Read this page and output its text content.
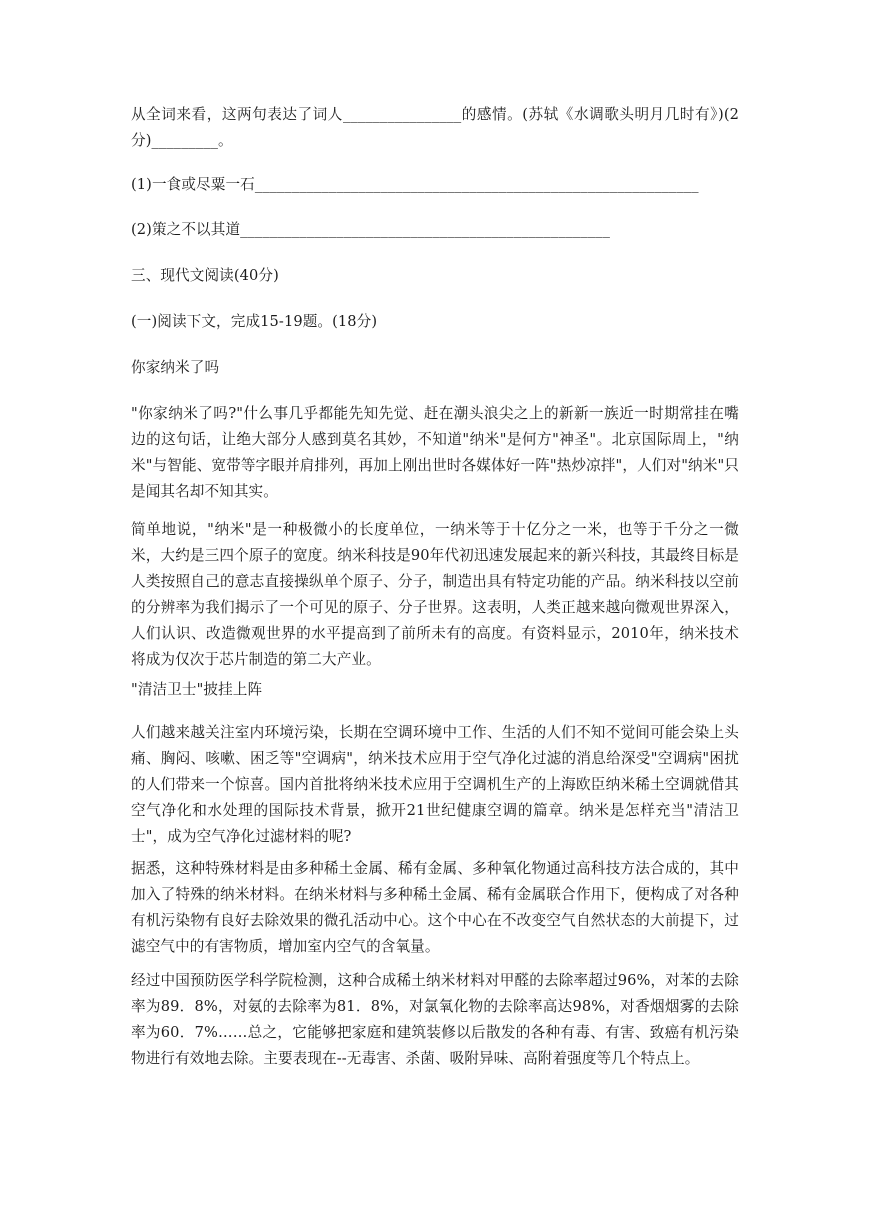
从全词来看，这两句表达了词人________________的感情。(苏轼《水调歌头明月几时有》)(2分)_________。

(1)一食或尽粟一石____________________________________________________________

(2)策之不以其道__________________________________________________

三、现代文阅读(40分)

(一)阅读下文，完成15-19题。(18分)

你家纳米了吗

"你家纳米了吗?"什么事几乎都能先知先觉、赶在潮头浪尖之上的新新一族近一时期常挂在嘴边的这句话，让绝大部分人感到莫名其妙，不知道"纳米"是何方"神圣"。北京国际周上，"纳米"与智能、宽带等字眼并肩排列，再加上刚出世时各媒体好一阵"热炒凉拌"，人们对"纳米"只是闻其名却不知其实。

简单地说，"纳米"是一种极微小的长度单位，一纳米等于十亿分之一米，也等于千分之一微米，大约是三四个原子的宽度。纳米科技是90年代初迅速发展起来的新兴科技，其最终目标是人类按照自己的意志直接操纵单个原子、分子，制造出具有特定功能的产品。纳米科技以空前的分辨率为我们揭示了一个可见的原子、分子世界。这表明，人类正越来越向微观世界深入，人们认识、改造微观世界的水平提高到了前所未有的高度。有资料显示，2010年，纳米技术将成为仅次于芯片制造的第二大产业。

"清洁卫士"披挂上阵

人们越来越关注室内环境污染，长期在空调环境中工作、生活的人们不知不觉间可能会染上头痛、胸闷、咳嗽、困乏等"空调病"，纳米技术应用于空气净化过滤的消息给深受"空调病"困扰的人们带来一个惊喜。国内首批将纳米技术应用于空调机生产的上海欧臣纳米稀土空调就借其空气净化和水处理的国际技术背景，掀开21世纪健康空调的篇章。纳米是怎样充当"清洁卫士"，成为空气净化过滤材料的呢?

据悉，这种特殊材料是由多种稀土金属、稀有金属、多种氧化物通过高科技方法合成的，其中加入了特殊的纳米材料。在纳米材料与多种稀土金属、稀有金属联合作用下，便构成了对各种有机污染物有良好去除效果的微孔活动中心。这个中心在不改变空气自然状态的大前提下，过滤空气中的有害物质，增加室内空气的含氧量。

经过中国预防医学科学院检测，这种合成稀土纳米材料对甲醛的去除率超过96%，对苯的去除率为89．8%，对氨的去除率为81．8%，对氯氧化物的去除率高达98%，对香烟烟雾的去除率为60．7%……总之，它能够把家庭和建筑装修以后散发的各种有毒、有害、致癌有机污染物进行有效地去除。主要表现在--无毒害、杀菌、吸附异味、高附着强度等几个特点上。
